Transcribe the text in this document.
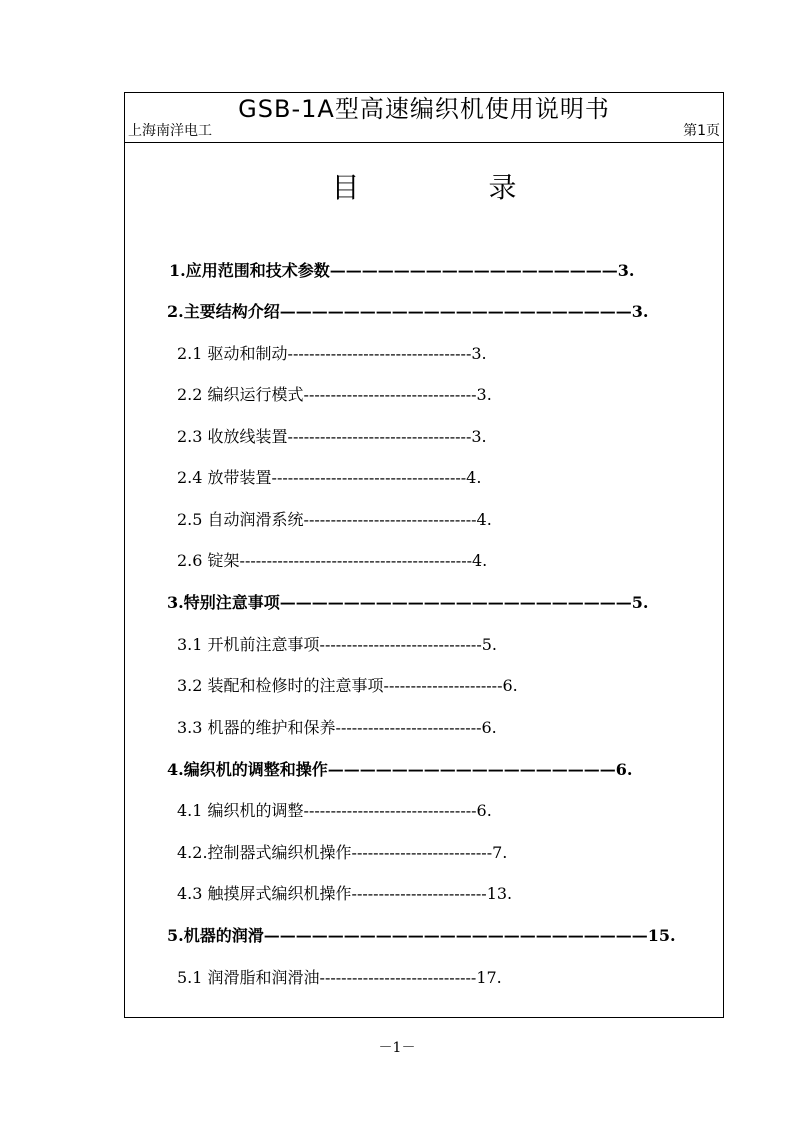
GSB-1A型高速编织机使用说明书
上海南洋电工	第1页
目 录
1.应用范围和技术参数——————————————————3.
2.主要结构介绍——————————————————————3.
2.1 驱动和制动----------------------------------3.
2.2 编织运行模式--------------------------------3.
2.3 收放线装置----------------------------------3.
2.4 放带装置------------------------------------4.
2.5 自动润滑系统--------------------------------4.
2.6 锭架-------------------------------------------4.
3.特别注意事项——————————————————————5.
3.1 开机前注意事项------------------------------5.
3.2 装配和检修时的注意事项----------------------6.
3.3 机器的维护和保养---------------------------6.
4.编织机的调整和操作——————————————————6.
4.1 编织机的调整--------------------------------6.
4.2.控制器式编织机操作--------------------------7.
4.3 触摸屏式编织机操作-------------------------13.
5.机器的润滑————————————————————————15.
5.1 润滑脂和润滑油-----------------------------17.
－1－
